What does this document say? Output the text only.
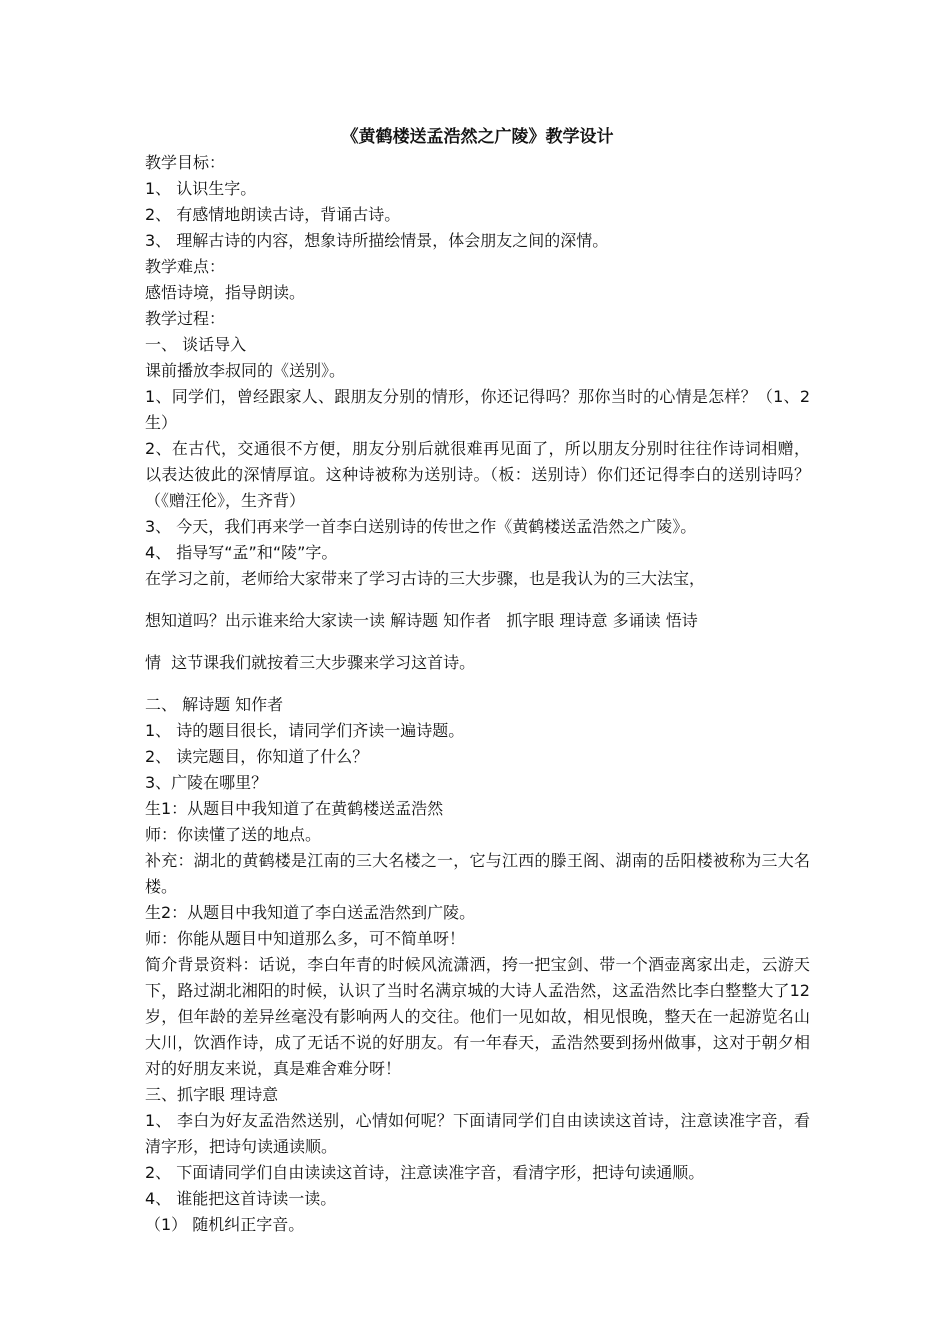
《黄鹤楼送孟浩然之广陵》教学设计

教学目标：

1、 认识生字。

2、 有感情地朗读古诗，背诵古诗。

3、 理解古诗的内容，想象诗所描绘情景，体会朋友之间的深情。

教学难点：

感悟诗境，指导朗读。

教学过程：

一、 谈话导入

课前播放李叔同的《送别》。

1、同学们，曾经跟家人、跟朋友分别的情形，你还记得吗？那你当时的心情是怎样？（1、2生）

2、在古代，交通很不方便，朋友分别后就很难再见面了，所以朋友分别时往往作诗词相赠，以表达彼此的深情厚谊。这种诗被称为送别诗。（板：送别诗）你们还记得李白的送别诗吗？（《赠汪伦》，生齐背）

3、 今天，我们再来学一首李白送别诗的传世之作《黄鹤楼送孟浩然之广陵》。

4、 指导写“孟”和“陵”字。

在学习之前，老师给大家带来了学习古诗的三大步骤，也是我认为的三大法宝，

想知道吗？出示谁来给大家读一读 解诗题 知作者   抓字眼 理诗意 多诵读 悟诗

情  这节课我们就按着三大步骤来学习这首诗。

二、 解诗题 知作者

1、 诗的题目很长，请同学们齐读一遍诗题。

2、 读完题目，你知道了什么？

3、广陵在哪里？

生1：从题目中我知道了在黄鹤楼送孟浩然

师：你读懂了送的地点。

补充：湖北的黄鹤楼是江南的三大名楼之一，它与江西的滕王阁、湖南的岳阳楼被称为三大名楼。

生2：从题目中我知道了李白送孟浩然到广陵。

师：你能从题目中知道那么多，可不简单呀！

简介背景资料：话说，李白年青的时候风流潇洒，挎一把宝剑、带一个酒壶离家出走，云游天下，路过湖北湘阳的时候，认识了当时名满京城的大诗人孟浩然，这孟浩然比李白整整大了12岁，但年龄的差异丝毫没有影响两人的交往。他们一见如故，相见恨晚，整天在一起游览名山大川，饮酒作诗，成了无话不说的好朋友。有一年春天，孟浩然要到扬州做事，这对于朝夕相对的好朋友来说，真是难舍难分呀！

三、抓字眼 理诗意

1、 李白为好友孟浩然送别，心情如何呢？下面请同学们自由读读这首诗，注意读准字音，看清字形，把诗句读通读顺。

2、 下面请同学们自由读读这首诗，注意读准字音，看清字形，把诗句读通顺。

4、 谁能把这首诗读一读。

（1） 随机纠正字音。
